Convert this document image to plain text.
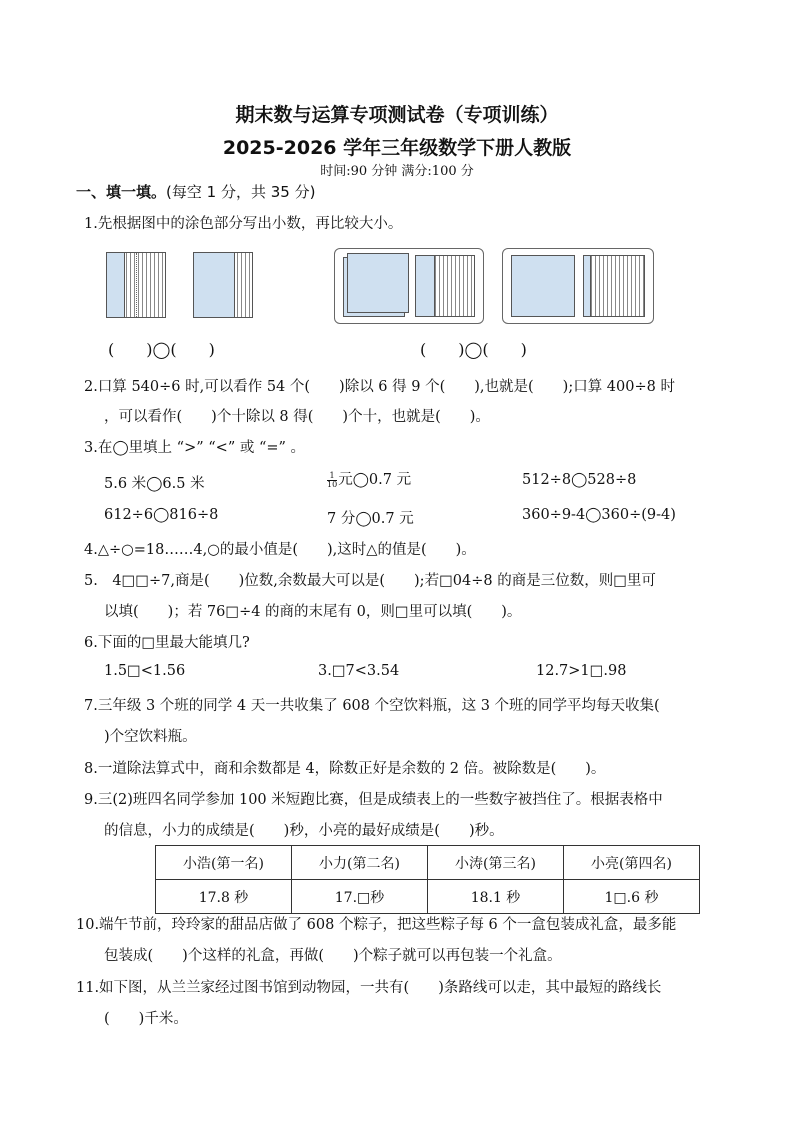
期末数与运算专项测试卷（专项训练）
2025-2026 学年三年级数学下册人教版
时间:90 分钟 满分:100 分
一、填一填。(每空 1 分，共 35 分)
1.先根据图中的涂色部分写出小数，再比较大小。
(　　)◯(　　)	(　　)◯(　　)
2.口算 540÷6 时,可以看作 54 个(　　)除以 6 得 9 个(　　),也就是(　　);口算 400÷8 时
，可以看作(　　)个十除以 8 得(　　)个十，也就是(　　)。
3.在◯里填上 “>” “<” 或 “=” 。
5.6 米◯6.5 米	$\frac{1}{10}$ 元◯0.7 元	512÷8◯528÷8
612÷6◯816÷8	7 分◯0.7 元	360÷9-4◯360÷(9-4)
4.△÷○=18……4,○的最小值是(　　),这时△的值是(　　)。
5.　4□□÷7,商是(　　)位数,余数最大可以是(　　);若□04÷8 的商是三位数，则□里可
以填(　　)；若 76□÷4 的商的末尾有 0，则□里可以填(　　)。
6.下面的□里最大能填几?
1.5□<1.56	3.□7<3.54	12.7>1□.98
7.三年级 3 个班的同学 4 天一共收集了 608 个空饮料瓶，这 3 个班的同学平均每天收集(
)个空饮料瓶。
8.一道除法算式中，商和余数都是 4，除数正好是余数的 2 倍。被除数是(　　)。
9.三(2)班四名同学参加 100 米短跑比赛，但是成绩表上的一些数字被挡住了。根据表格中
的信息，小力的成绩是(　　)秒，小亮的最好成绩是(　　)秒。
小浩(第一名)	小力(第二名)	小涛(第三名)	小亮(第四名)
17.8 秒	17.□秒	18.1 秒	1□.6 秒
10.端午节前，玲玲家的甜品店做了 608 个粽子，把这些粽子每 6 个一盒包装成礼盒，最多能
包装成(　　)个这样的礼盒，再做(　　)个粽子就可以再包装一个礼盒。
11.如下图，从兰兰家经过图书馆到动物园，一共有(　　)条路线可以走，其中最短的路线长
(　　)千米。
